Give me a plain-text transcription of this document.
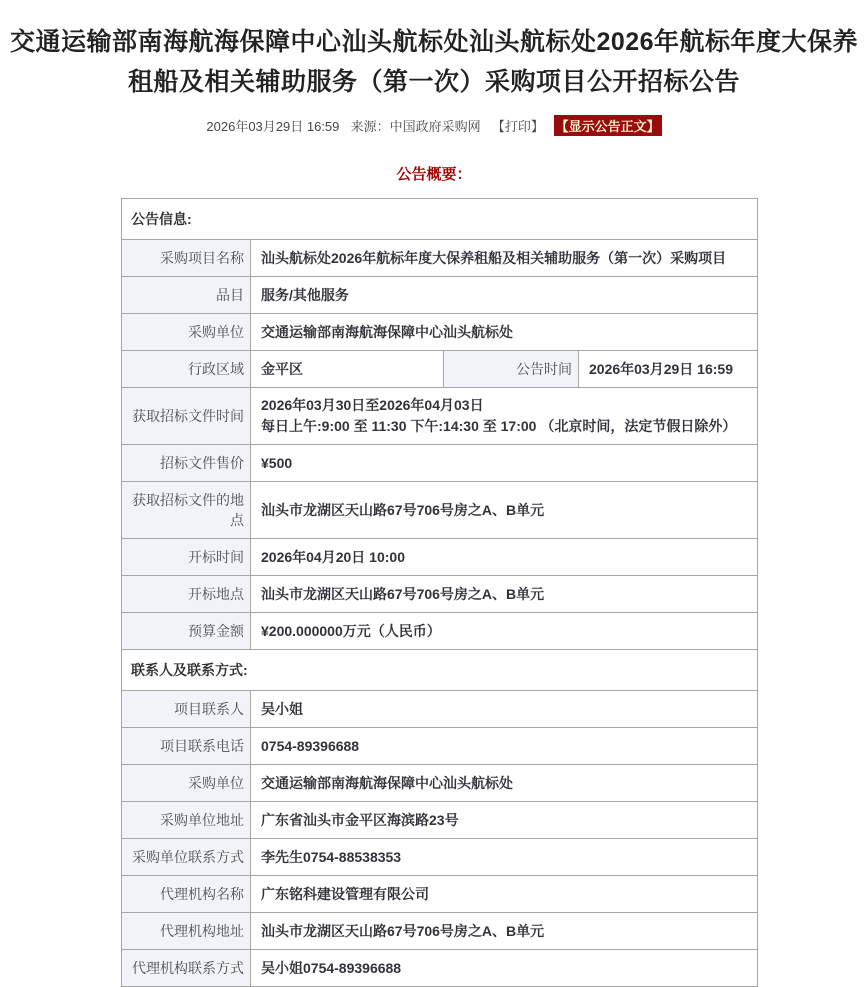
交通运输部南海航海保障中心汕头航标处汕头航标处2026年航标年度大保养租船及相关辅助服务（第一次）采购项目公开招标公告
2026年03月29日 16:59 来源：中国政府采购网 【打印】 【显示公告正文】
公告概要：
公告信息:			
采购项目名称	汕头航标处2026年航标年度大保养租船及相关辅助服务（第一次）采购项目		
品目	服务/其他服务		
采购单位	交通运输部南海航海保障中心汕头航标处		
行政区域	金平区	公告时间	2026年03月29日 16:59
获取招标文件时间	2026年03月30日至2026年04月03日
每日上午:9:00 至 11:30 下午:14:30 至 17:00 （北京时间，法定节假日除外）		

招标文件售价	¥500		
获取招标文件的地点	汕头市龙湖区天山路67号706号房之A、B单元		
开标时间	2026年04月20日 10:00		
开标地点	汕头市龙湖区天山路67号706号房之A、B单元		
预算金额	¥200.000000万元（人民币）		
联系人及联系方式:			
项目联系人	吴小姐		
项目联系电话	0754-89396688		
采购单位	交通运输部南海航海保障中心汕头航标处		
采购单位地址	广东省汕头市金平区海滨路23号		
采购单位联系方式	李先生0754-88538353		
代理机构名称	广东铭科建设管理有限公司		
代理机构地址	汕头市龙湖区天山路67号706号房之A、B单元		
代理机构联系方式	吴小姐0754-89396688		
